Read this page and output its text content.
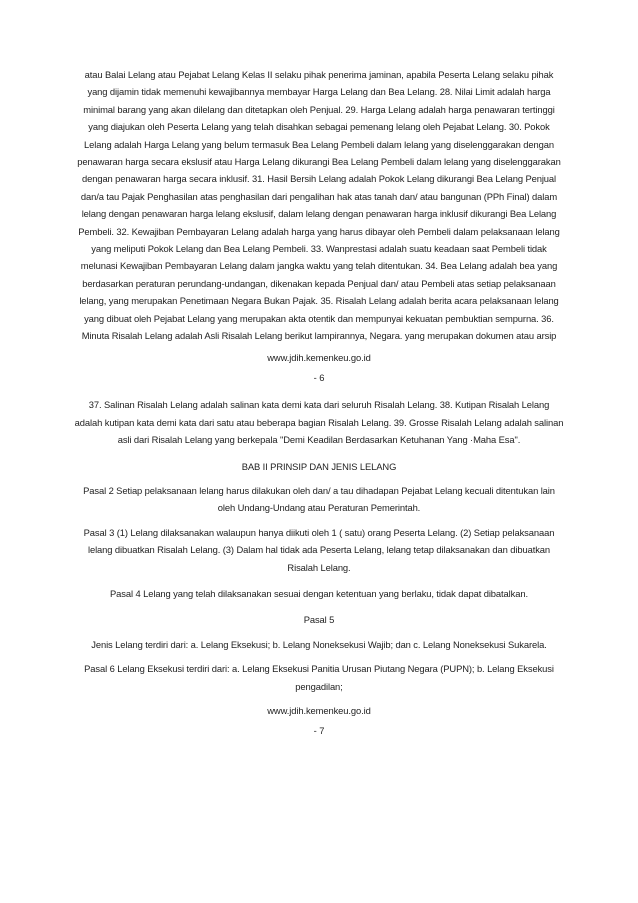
atau Balai Lelang atau Pejabat Lelang Kelas II selaku pihak penerima jaminan, apabila Peserta Lelang selaku pihak yang dijamin tidak memenuhi kewajibannya membayar Harga Lelang dan Bea Lelang. 28. Nilai Limit adalah harga minimal barang yang akan dilelang dan ditetapkan oleh Penjual. 29. Harga Lelang adalah harga penawaran tertinggi yang diajukan oleh Peserta Lelang yang telah disahkan sebagai pemenang lelang oleh Pejabat Lelang. 30. Pokok Lelang adalah Harga Lelang yang belum termasuk Bea Lelang Pembeli dalam lelang yang diselenggarakan dengan penawaran harga secara ekslusif atau Harga Lelang dikurangi Bea Lelang Pembeli dalam lelang yang diselenggarakan dengan penawaran harga secara inklusif. 31. Hasil Bersih Lelang adalah Pokok Lelang dikurangi Bea Lelang Penjual dan/a tau Pajak Penghasilan atas penghasilan dari pengalihan hak atas tanah dan/ atau bangunan (PPh Final) dalam lelang dengan penawaran harga lelang ekslusif, dalam lelang dengan penawaran harga inklusif dikurangi Bea Lelang Pembeli. 32. Kewajiban Pembayaran Lelang adalah harga yang harus dibayar oleh Pembeli dalam pelaksanaan lelang yang meliputi Pokok Lelang dan Bea Lelang Pembeli. 33. Wanprestasi adalah suatu keadaan saat Pembeli tidak melunasi Kewajiban Pembayaran Lelang dalam jangka waktu yang telah ditentukan. 34. Bea Lelang adalah bea yang berdasarkan peraturan perundang-undangan, dikenakan kepada Penjual dan/ atau Pembeli atas setiap pelaksanaan lelang, yang merupakan Penetimaan Negara Bukan Pajak. 35. Risalah Lelang adalah berita acara pelaksanaan lelang yang dibuat oleh Pejabat Lelang yang merupakan akta otentik dan mempunyai kekuatan pembuktian sempurna. 36. Minuta Risalah Lelang adalah Asli Risalah Lelang berikut lampirannya, Negara. yang merupakan dokumen atau arsip

www.jdih.kemenkeu.go.id

- 6

37. Salinan Risalah Lelang adalah salinan kata demi kata dari seluruh Risalah Lelang. 38. Kutipan Risalah Lelang adalah kutipan kata demi kata dari satu atau beberapa bagian Risalah Lelang. 39. Grosse Risalah Lelang adalah salinan asli dari Risalah Lelang yang berkepala "Demi Keadilan Berdasarkan Ketuhanan Yang ·Maha Esa".

BAB II PRINSIP DAN JENIS LELANG

Pasal 2 Setiap pelaksanaan lelang harus dilakukan oleh dan/ a tau dihadapan Pejabat Lelang kecuali ditentukan lain oleh Undang-Undang atau Peraturan Pemerintah.

Pasal 3 (1) Lelang dilaksanakan walaupun hanya diikuti oleh 1 ( satu) orang Peserta Lelang. (2) Setiap pelaksanaan lelang dibuatkan Risalah Lelang. (3) Dalam hal tidak ada Peserta Lelang, lelang tetap dilaksanakan dan dibuatkan Risalah Lelang.

Pasal 4 Lelang yang telah dilaksanakan sesuai dengan ketentuan yang berlaku, tidak dapat dibatalkan.

Pasal 5

Jenis Lelang terdiri dari: a. Lelang Eksekusi; b. Lelang Noneksekusi Wajib; dan c. Lelang Noneksekusi Sukarela.

Pasal 6 Lelang Eksekusi terdiri dari: a. Lelang Eksekusi Panitia Urusan Piutang Negara (PUPN); b. Lelang Eksekusi pengadilan;

www.jdih.kemenkeu.go.id

- 7
